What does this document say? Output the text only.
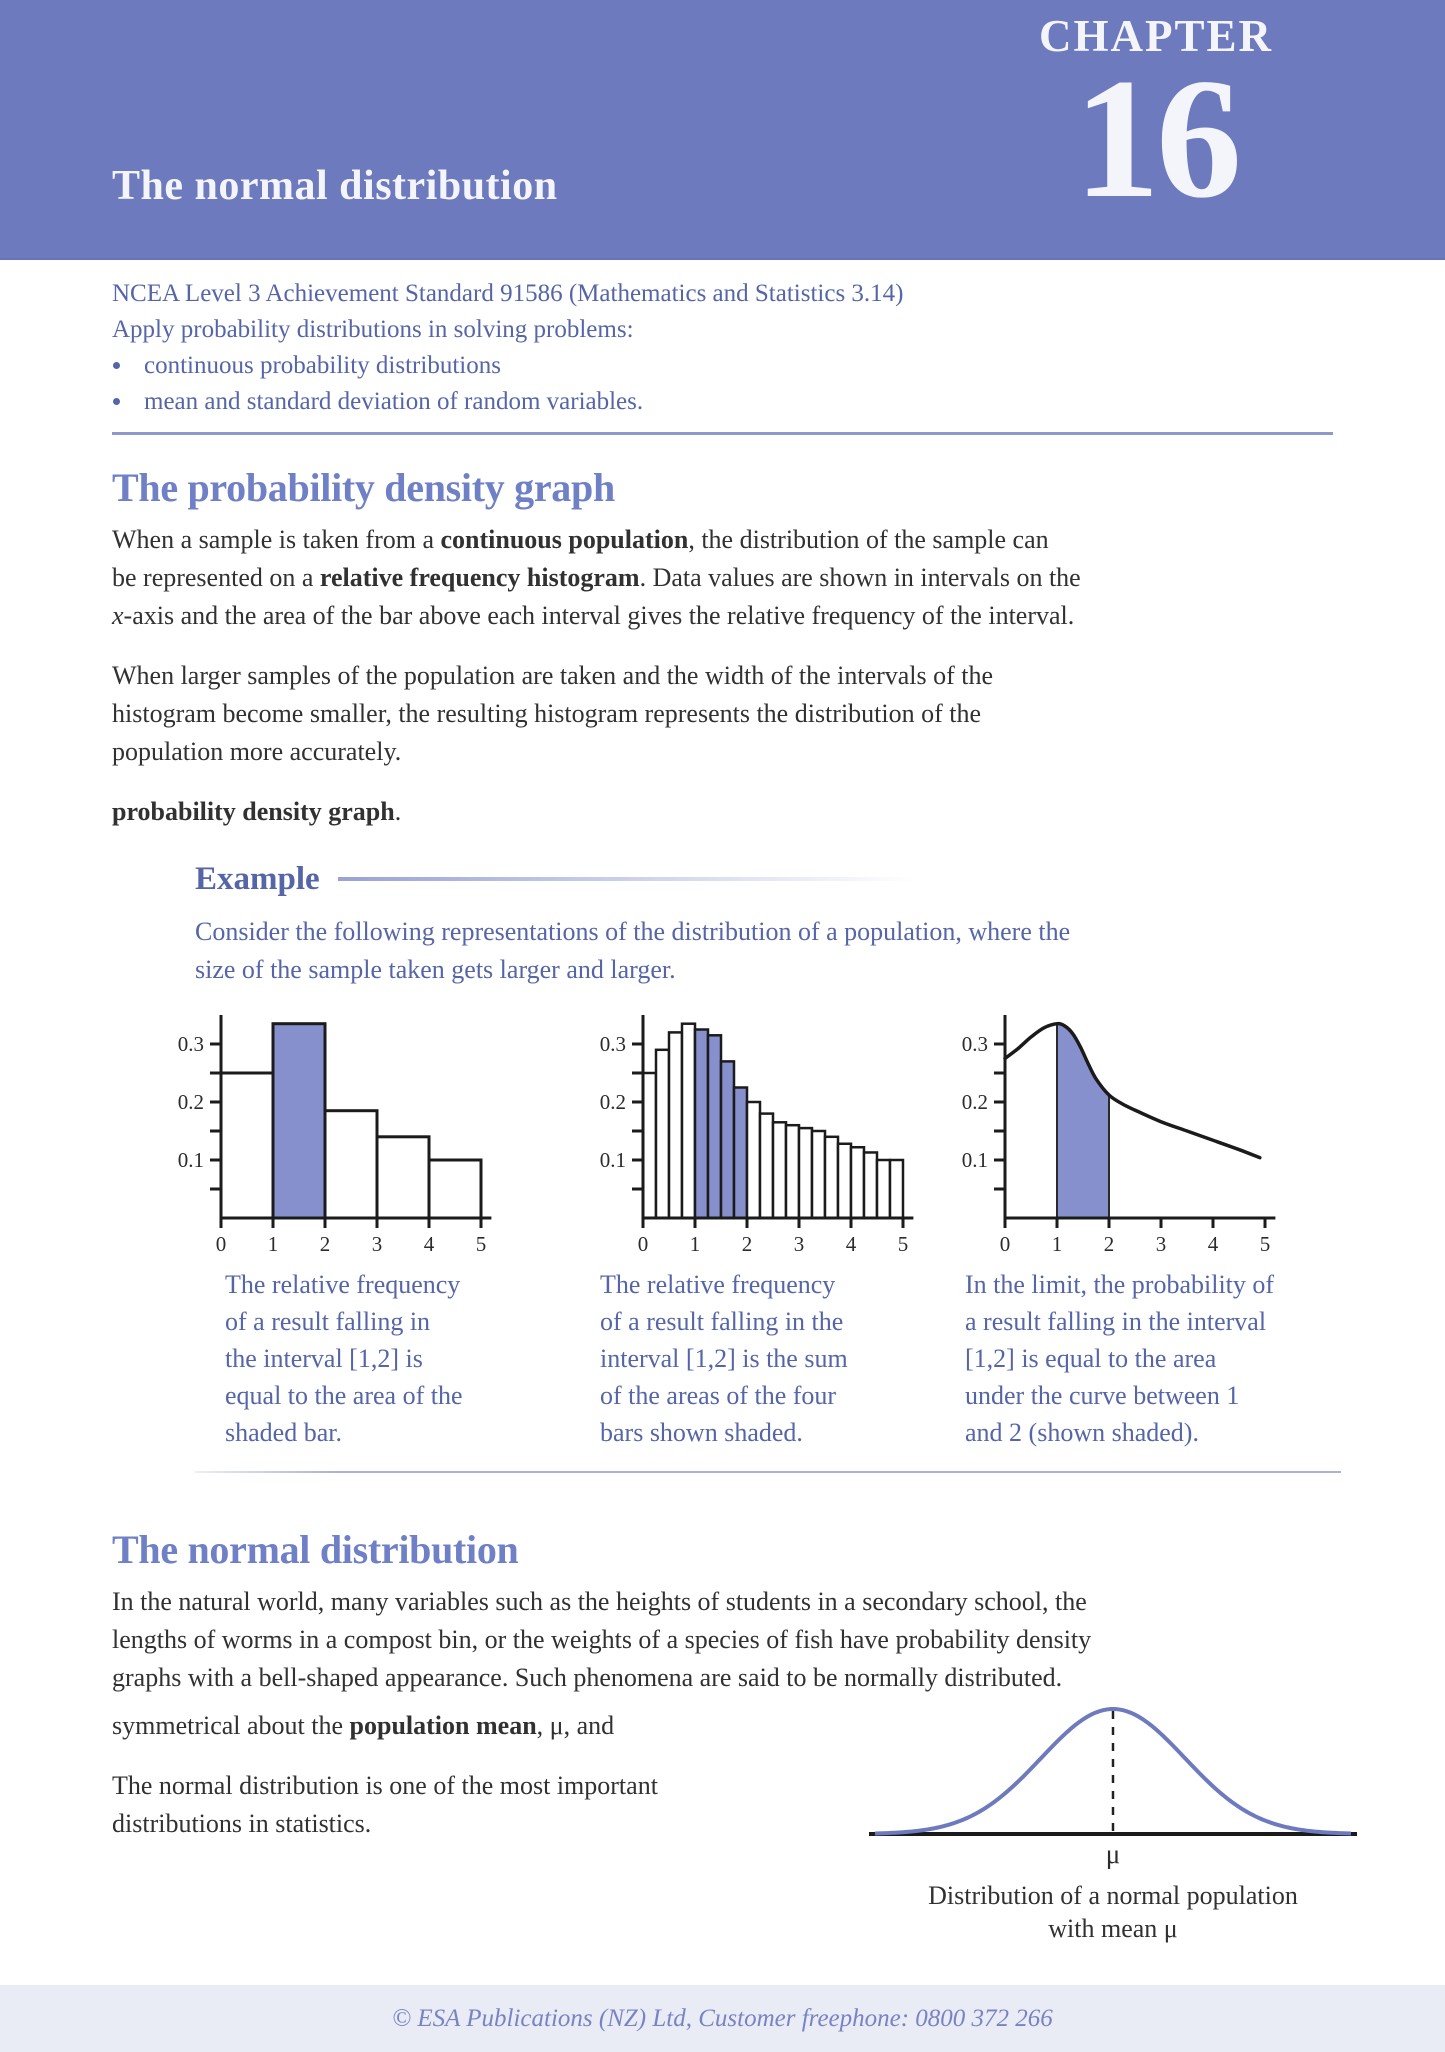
The normal distribution
CHAPTER
16
NCEA Level 3 Achievement Standard 91586 (Mathematics and Statistics 3.14)
Apply probability distributions in solving problems:
• continuous probability distributions
• mean and standard deviation of random variables.
The probability density graph
When a sample is taken from a continuous population, the distribution of the sample can
be represented on a relative frequency histogram. Data values are shown in intervals on the
x-axis and the area of the bar above each interval gives the relative frequency of the interval.
When larger samples of the population are taken and the width of the intervals of the
histogram become smaller, the resulting histogram represents the distribution of the
population more accurately.
probability density graph.
Example
Consider the following representations of the distribution of a population, where the
size of the sample taken gets larger and larger.
0.1
0.2
0.3
0 1 2 3 4 5
The relative frequency
of a result falling in
the interval [1,2] is
equal to the area of the
shaded bar.
0.1
0.2
0.3
0 1 2 3 4 5
The relative frequency
of a result falling in the
interval [1,2] is the sum
of the areas of the four
bars shown shaded.
0.1
0.2
0.3
0 1 2 3 4 5
In the limit, the probability of
a result falling in the interval
[1,2] is equal to the area
under the curve between 1
and 2 (shown shaded).
The normal distribution
In the natural world, many variables such as the heights of students in a secondary school, the
lengths of worms in a compost bin, or the weights of a species of fish have probability density
graphs with a bell-shaped appearance. Such phenomena are said to be normally distributed.
symmetrical about the population mean, μ, and
The normal distribution is one of the most important
distributions in statistics.
μ
Distribution of a normal population
with mean μ
© ESA Publications (NZ) Ltd, Customer freephone: 0800 372 266
